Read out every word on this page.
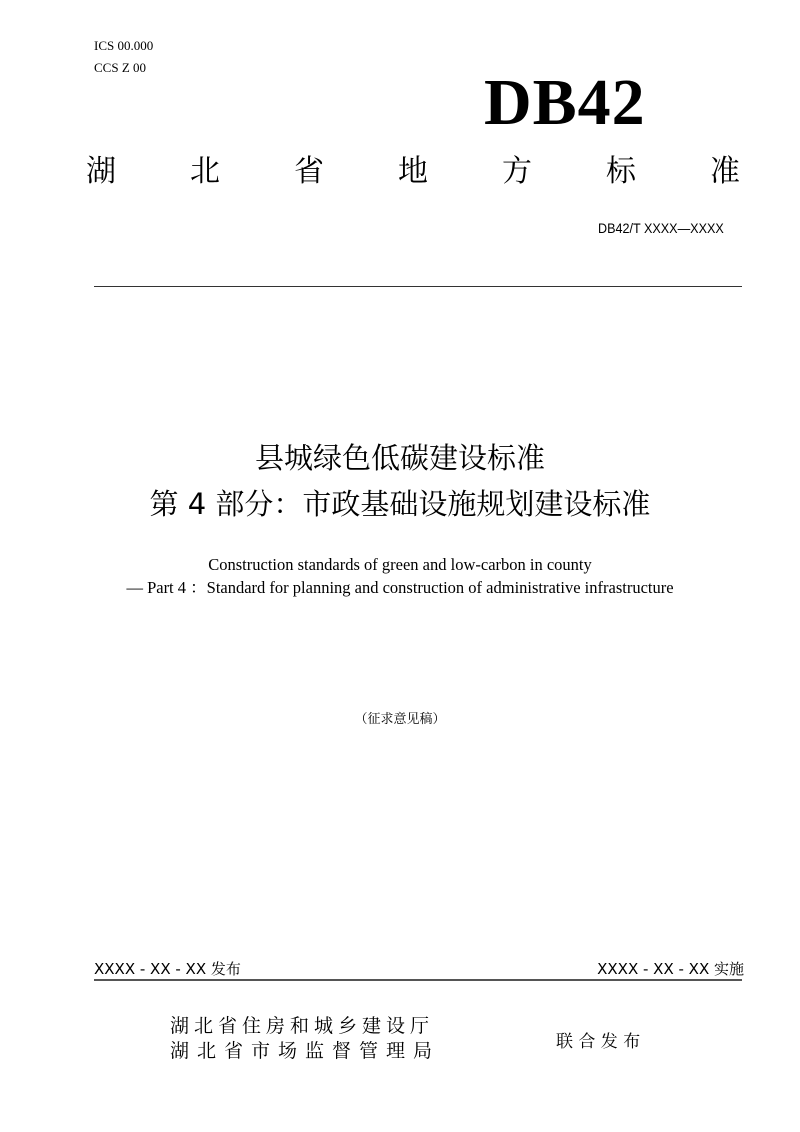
ICS 00.000
CCS Z 00	DB42
湖 北 省 地 方 标 准
DB42/T XXXX—XXXX
县城绿色低碳建设标准
第 4 部分：市政基础设施规划建设标准
Construction standards of green and low-carbon in county
— Part 4 ：Standard for planning and construction of administrative infrastructure
（征求意见稿）
XXXX - XX - XX 发布	XXXX - XX - XX 实施
湖北省住房和城乡建设厅
湖北省市场监督管理局	联 合 发 布
